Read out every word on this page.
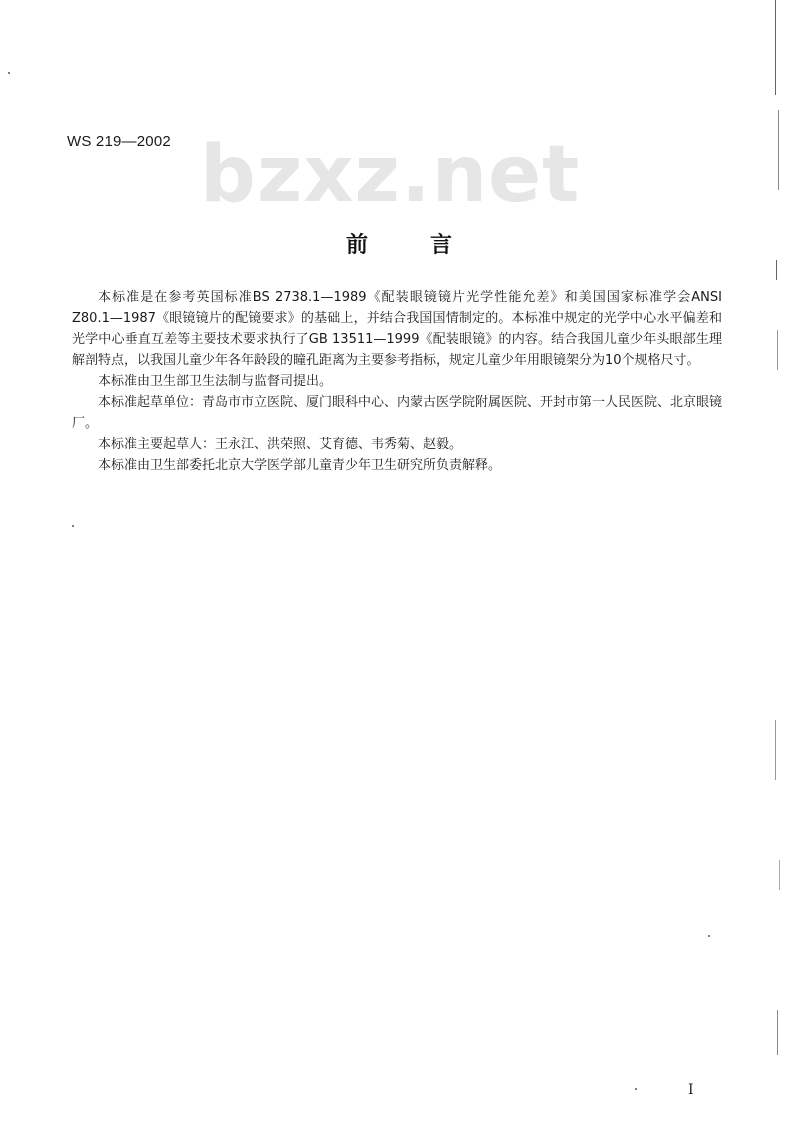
WS 219—2002 bzxz.net
前	言

本标准是在参考英国标准BS 2738.1—1989《配装眼镜镜片光学性能允差》和美国国家标准学会ANSI Z80.1—1987《眼镜镜片的配镜要求》的基础上，并结合我国国情制定的。本标准中规定的光学中心水平偏差和光学中心垂直互差等主要技术要求执行了GB 13511—1999《配装眼镜》的内容。结合我国儿童少年头眼部生理解剖特点，以我国儿童少年各年龄段的瞳孔距离为主要参考指标，规定儿童少年用眼镜架分为10个规格尺寸。

本标准由卫生部卫生法制与监督司提出。

本标准起草单位：青岛市市立医院、厦门眼科中心、内蒙古医学院附属医院、开封市第一人民医院、北京眼镜厂。

本标准主要起草人：王永江、洪荣照、艾育德、韦秀菊、赵毅。

本标准由卫生部委托北京大学医学部儿童青少年卫生研究所负责解释。

I
